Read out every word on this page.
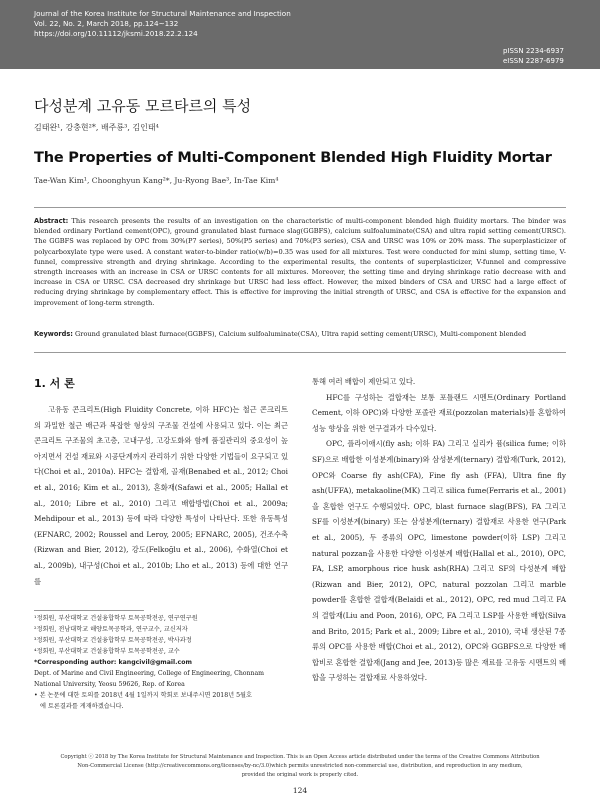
Journal of the Korea Institute for Structural Maintenance and Inspection
Vol. 22, No. 2, March 2018, pp.124~132
https://doi.org/10.11112/jksmi.2018.22.2.124
pISSN 2234-6937
eISSN 2287-6979
다성분계 고유동 모르타르의 특성
김태완¹, 강충현²*, 배주룡³, 김인태⁴
The Properties of Multi-Component Blended High Fluidity Mortar
Tae-Wan Kim¹, Choonghyun Kang²*, Ju-Ryong Bae³, In-Tae Kim⁴
Abstract: This research presents the results of an investigation on the characteristic of multi-component blended high fluidity mortars. The binder was blended ordinary Portland cement(OPC), ground granulated blast furnace slag(GGBFS), calcium sulfoaluminate(CSA) and ultra rapid setting cement(URSC). The GGBFS was replaced by OPC from 30%(P7 series), 50%(P5 series) and 70%(P3 series), CSA and URSC was 10% or 20% mass. The superplasticizer of polycarboxylate type were used. A constant water-to-binder ratio(w/b)=0.35 was used for all mixtures. Test were conducted for mini slump, setting time, V-funnel, compressive strength and drying shrinkage. According to the experimental results, the contents of superplasticizer, V-funnel and compressive strength increases with an increase in CSA or URSC contents for all mixtures. Moreover, the setting time and drying shrinkage ratio decrease with and increase in CSA or URSC. CSA decreased dry shrinkage but URSC had less effect. However, the mixed binders of CSA and URSC had a large effect of reducing drying shrinkage by complementary effect. This is effective for improving the initial strength of URSC, and CSA is effective for the expansion and improvement of long-term strength.
Keywords: Ground granulated blast furnace(GGBFS), Calcium sulfoaluminate(CSA), Ultra rapid setting cement(URSC), Multi-component blended
1. 서 론

고유동 콘크리트(High Fluidity Concrete, 이하 HFC)는 철근 콘크리트의 과밀한 철근 배근과 복잡한 형상의 구조물 건설에 사용되고 있다. 이는 최근 콘크리트 구조물의 초고층, 고내구성, 고강도화와 함께 품질관리의 중요성이 높아지면서 건설 재료와 시공단계까지 관리하기 위한 다양한 기법들이 요구되고 있다(Choi et al., 2010a). HFC는 결합재, 골재(Benabed et al., 2012; Choi et al., 2016; Kim et al., 2013), 혼화재(Safawi et al., 2005; Hallal et al., 2010; Libre et al., 2010) 그리고 배합방법(Choi et al., 2009a; Mehdipour et al., 2013) 등에 따라 다양한 특성이 나타난다. 또한 유동특성(EFNARC, 2002; Roussel and Leroy, 2005; EFNARC, 2005), 건조수축(Rizwan and Bier, 2012), 강도(Felkoğlu et al., 2006), 수화열(Choi et al., 2009b), 내구성(Choi et al., 2010b; Lho et al., 2013) 등에 대한 연구를

통해 여러 배합이 제안되고 있다.

HFC를 구성하는 결합재는 보통 포틀랜드 시멘트(Ordinary Portland Cement, 이하 OPC)와 다양한 포졸란 재료(pozzolan materials)를 혼합하여 성능 향상을 위한 연구결과가 다수있다.

OPC, 플라이애시(fly ash; 이하 FA) 그리고 실리카 퓸(silica fume; 이하 SF)으로 배합한 이성분계(binary)와 삼성분계(ternary) 결합재(Turk, 2012), OPC와 Coarse fly ash(CFA), Fine fly ash (FFA), Ultra fine fly ash(UFFA), metakaoline(MK) 그리고 silica fume(Ferraris et al., 2001)을 혼합한 연구도 수행되었다. OPC, blast furnace slag(BFS), FA 그리고 SF를 이성분계(binary) 또는 삼성분계(ternary) 결합재로 사용한 연구(Park et al., 2005), 두 종류의 OPC, limestone powder(이하 LSP) 그리고 natural pozzan을 사용한 다양한 이성분계 배합(Hallal et al., 2010), OPC, FA, LSP, amorphous rice husk ash(RHA) 그리고 SF의 다성분계 배합(Rizwan and Bier, 2012), OPC, natural pozzolan 그리고 marble powder를 혼합한 결합재(Belaidi et al., 2012), OPC, red mud 그리고 FA의 결합재(Liu and Poon, 2016), OPC, FA 그리고 LSP를 사용한 배합(Silva and Brito, 2015; Park et al., 2009; Libre et al., 2010), 국내 생산된 7종류의 OPC를 사용한 배합(Choi et al., 2012), OPC와 GGBFS으로 다양한 배합비로 혼합한 결합재(Jang and Jee, 2013)등 많은 재료를 고유동 시멘트의 배합을 구성하는 결합재료 사용하였다.

¹정회원, 부산대학교 건설융합학부 토목공학전공, 연구연구원
²정회원, 전남대학교 해양토목공학과, 연구교수, 교신저자
³정회원, 부산대학교 건설융합학부 토목공학전공, 박사과정
⁴정회원, 부산대학교 건설융합학부 토목공학전공, 교수
*Corresponding author: kangcivil@gmail.com
Dept. of Marine and Civil Engineering, College of Engineering, Chonnam
National University, Yeosu 59626, Rep. of Korea
• 본 논문에 대한 토의를 2018년 4월 1일까지 학회로 보내주시면 2018년 5월호
에 토론결과를 게재하겠습니다.
Copyright ⓒ 2018 by The Korea Institute for Structural Maintenance and Inspection. This is an Open Access article distributed under the terms of the Creative Commons Attribution
Non-Commercial License (http://creativecommons.org/licenses/by-nc/3.0)which permits unrestricted non-commercial use, distribution, and reproduction in any medium,
provided the original work is properly cited.
124
